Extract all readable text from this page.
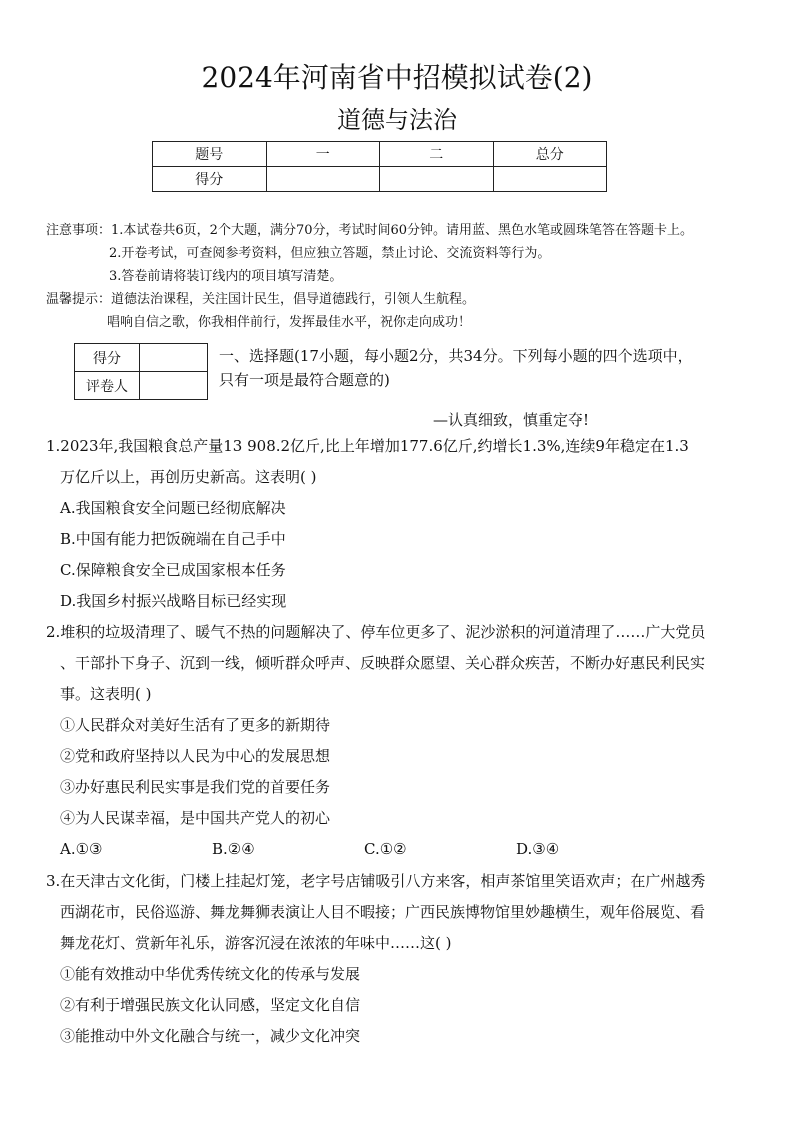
2024年河南省中招模拟试卷(2)
道德与法治
题号	一	二	总分
得分			
注意事项：1.本试卷共6页，2个大题，满分70分，考试时间60分钟。请用蓝、黑色水笔或圆珠笔答在答题卡上。
2.开卷考试，可查阅参考资料，但应独立答题，禁止讨论、交流资料等行为。
3.答卷前请将装订线内的项目填写清楚。
温馨提示：道德法治课程，关注国计民生，倡导道德践行，引领人生航程。
唱响自信之歌，你我相伴前行，发挥最佳水平，祝你走向成功！
得分	
评卷人	
一、选择题(17小题，每小题2分，共34分。下列每小题的四个选项中，
只有一项是最符合题意的)
—认真细致，慎重定夺!
1.2023年,我国粮食总产量13 908.2亿斤,比上年增加177.6亿斤,约增长1.3%,连续9年稳定在1.3
万亿斤以上，再创历史新高。这表明( )
A.我国粮食安全问题已经彻底解决
B.中国有能力把饭碗端在自己手中
C.保障粮食安全已成国家根本任务
D.我国乡村振兴战略目标已经实现
2.堆积的垃圾清理了、暖气不热的问题解决了、停车位更多了、泥沙淤积的河道清理了……广大党员
、干部扑下身子、沉到一线，倾听群众呼声、反映群众愿望、关心群众疾苦，不断办好惠民利民实
事。这表明( )
①人民群众对美好生活有了更多的新期待
②党和政府坚持以人民为中心的发展思想
③办好惠民利民实事是我们党的首要任务
④为人民谋幸福，是中国共产党人的初心
A.①③	B.②④	C.①②	D.③④
3.在天津古文化街，门楼上挂起灯笼，老字号店铺吸引八方来客，相声茶馆里笑语欢声；在广州越秀
西湖花市，民俗巡游、舞龙舞狮表演让人目不暇接；广西民族博物馆里妙趣横生，观年俗展览、看
舞龙花灯、赏新年礼乐，游客沉浸在浓浓的年味中……这( )
①能有效推动中华优秀传统文化的传承与发展
②有利于增强民族文化认同感，坚定文化自信
③能推动中外文化融合与统一，减少文化冲突
